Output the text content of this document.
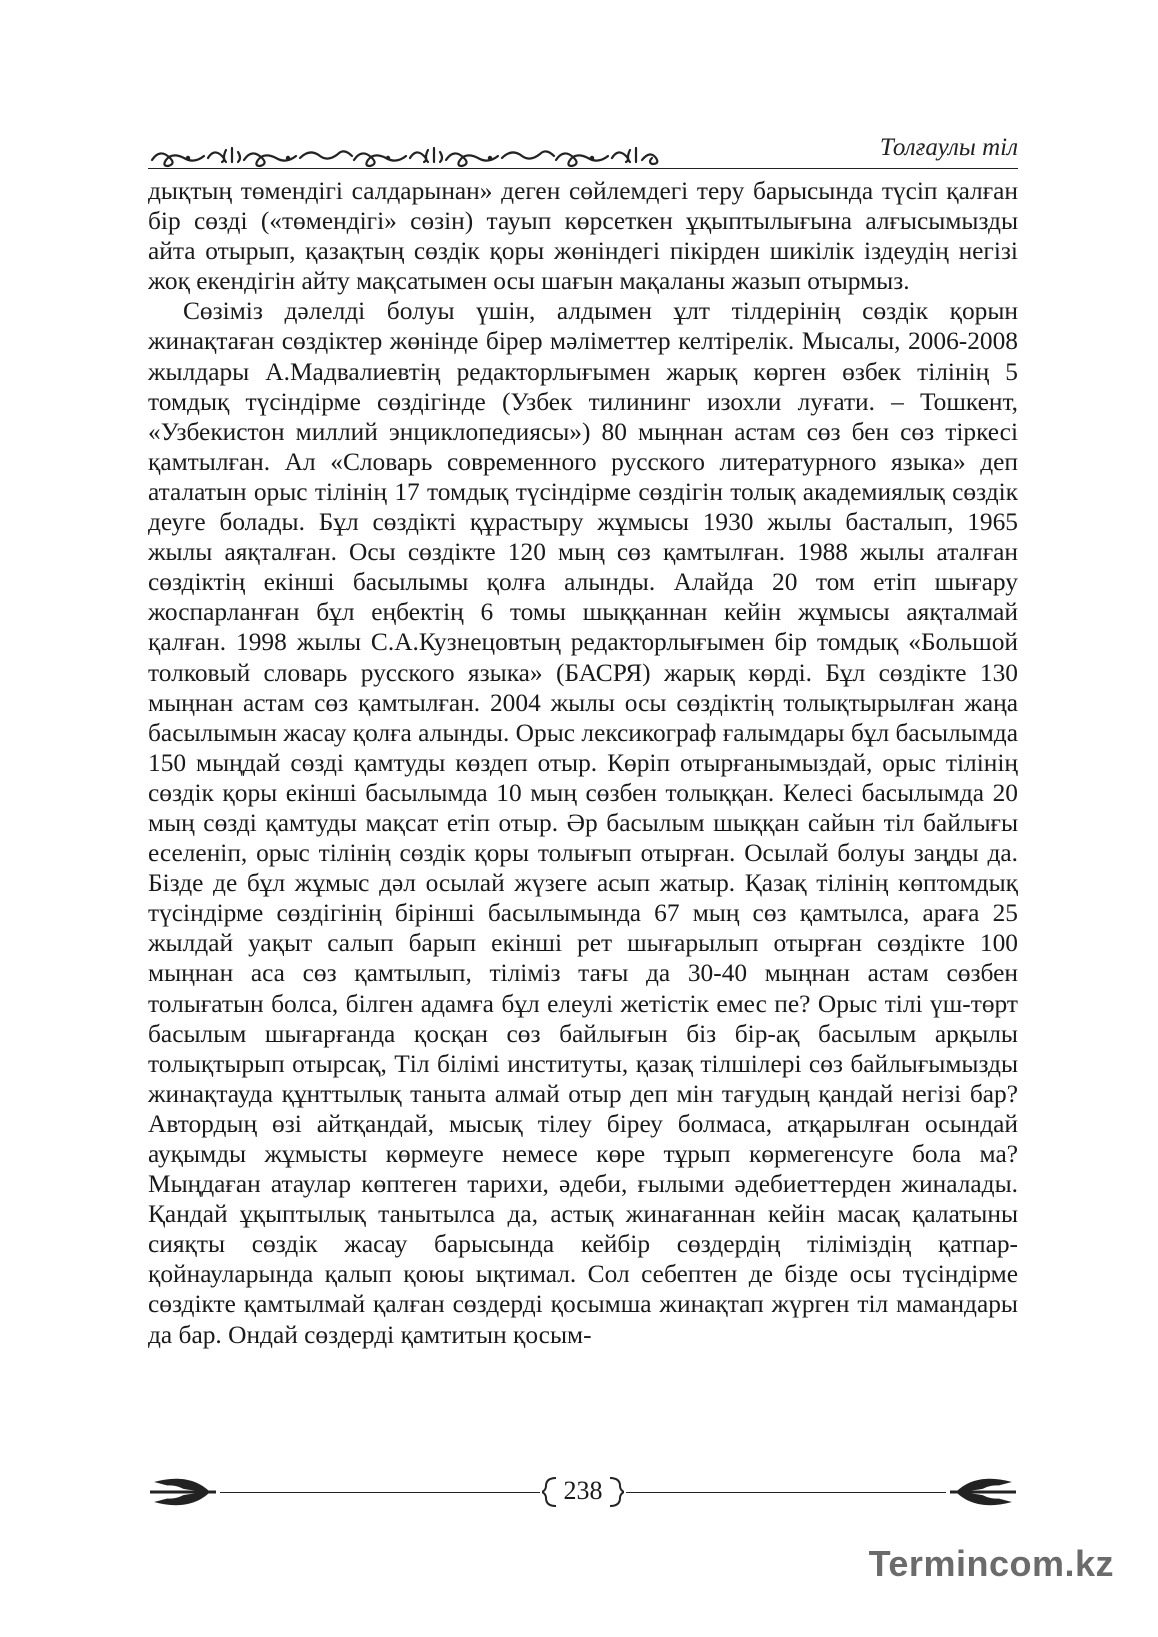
Толғаулы тіл

дықтың төмендігі салдарынан» деген сөйлемдегі теру барысында түсіп қалған бір сөзді («төмендігі» сөзін) тауып көрсеткен ұқыптылығына алғысымызды айта отырып, қазақтың сөздік қоры жөніндегі пікірден шикілік іздеудің негізі жоқ екендігін айту мақсатымен осы шағын мақаланы жазып отырмыз.

Сөзіміз дәлелді болуы үшін, алдымен ұлт тілдерінің сөздік қорын жинақтаған сөздіктер жөнінде бірер мәліметтер келтірелік. Мысалы, 2006-2008 жылдары А.Мадвалиевтің редакторлығымен жарық көрген өзбек тілінің 5 томдық түсіндірме сөздігінде (Узбек тилининг изохли луғати. – Тошкент, «Узбекистон миллий энциклопедиясы») 80 мыңнан астам сөз бен сөз тіркесі қамтылған. Ал «Словарь современного русского литературного языка» деп аталатын орыс тілінің 17 томдық түсіндірме сөздігін толық академиялық сөздік деуге болады. Бұл сөздікті құрастыру жұмысы 1930 жылы басталып, 1965 жылы аяқталған. Осы сөздікте 120 мың сөз қамтылған. 1988 жылы аталған сөздіктің екінші басылымы қолға алынды. Алайда 20 том етіп шығару жоспарланған бұл еңбектің 6 томы шыққаннан кейін жұмысы аяқталмай қалған. 1998 жылы С.А.Кузнецовтың редакторлығымен бір томдық «Большой толковый словарь русского языка» (БАСРЯ) жарық көрді. Бұл сөздікте 130 мыңнан астам сөз қамтылған. 2004 жылы осы сөздіктің толықтырылған жаңа басылымын жасау қолға алынды. Орыс лексикограф ғалымдары бұл басылымда 150 мыңдай сөзді қамтуды көздеп отыр. Көріп отырғанымыздай, орыс тілінің сөздік қоры екінші басылымда 10 мың сөзбен толыққан. Келесі басылымда 20 мың сөзді қамтуды мақсат етіп отыр. Әр басылым шыққан сайын тіл байлығы еселеніп, орыс тілінің сөздік қоры толығып отырған. Осылай болуы заңды да. Бізде де бұл жұмыс дәл осылай жүзеге асып жатыр. Қазақ тілінің көптомдық түсіндірме сөздігінің бірінші басылымында 67 мың сөз қамтылса, араға 25 жылдай уақыт салып барып екінші рет шығарылып отырған сөздікте 100 мыңнан аса сөз қамтылып, тіліміз тағы да 30-40 мыңнан астам сөзбен толығатын болса, білген адамға бұл елеулі жетістік емес пе? Орыс тілі үш-төрт басылым шығарғанда қосқан сөз байлығын біз бір-ақ басылым арқылы толықтырып отырсақ, Тіл білімі институты, қазақ тілшілері сөз байлығымызды жинақтауда құнттылық таныта алмай отыр деп мін тағудың қандай негізі бар? Автордың өзі айтқандай, мысық тілеу біреу болмаса, атқарылған осындай ауқымды жұмысты көрмеуге немесе көре тұрып көрмегенсуге бола ма? Мыңдаған атаулар көптеген тарихи, әдеби, ғылыми әдебиеттерден жиналады. Қандай ұқыптылық танытылса да, астық жинағаннан кейін масақ қалатыны сияқты сөздік жасау барысында кейбір сөздердің тіліміздің қатпар-қойнауларында қалып қоюы ықтимал. Сол себептен де бізде осы түсіндірме сөздікте қамтылмай қалған сөздерді қосымша жинақтап жүрген тіл мамандары да бар. Ондай сөздерді қамтитын қосым-

238
Termincom.kz
